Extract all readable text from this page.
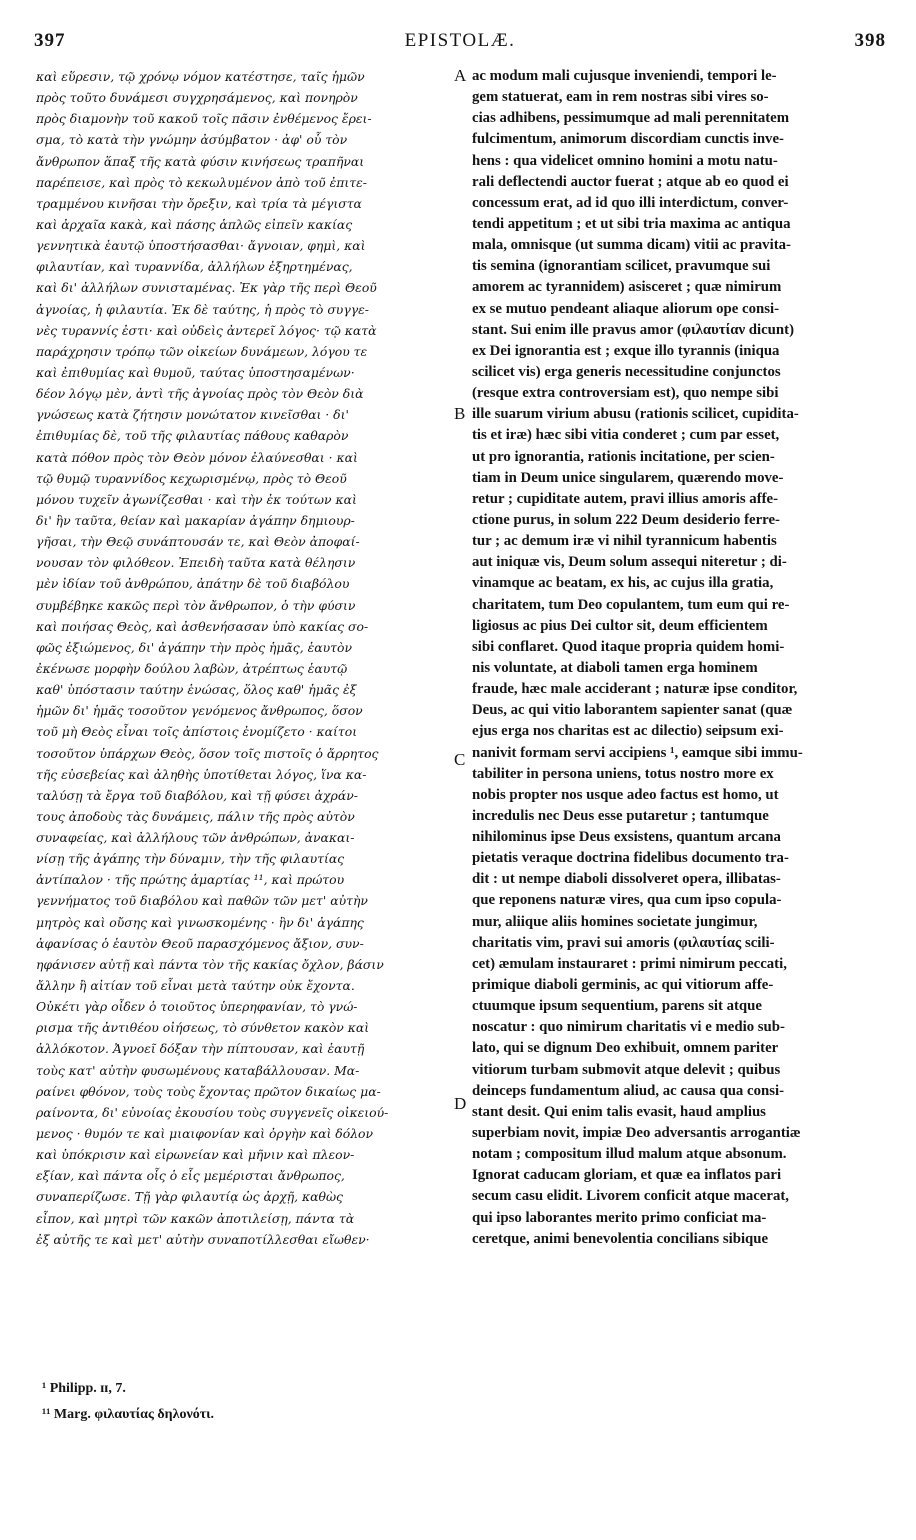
397	EPISTOLÆ.	398
καὶ εὕρεσιν, τῷ χρόνῳ νόμον κατέστησε, ταῖς ἡμῶν
πρὸς τοῦτο δυνάμεσι συγχρησάμενος, καὶ πονηρὸν
πρὸς διαμονὴν τοῦ κακοῦ τοῖς πᾶσιν ἐνθέμενος ἔρει-
σμα, τὸ κατὰ τὴν γνώμην ἀσύμβατον · ἀφ' οὗ τὸν
ἄνθρωπον ἅπαξ τῆς κατὰ φύσιν κινήσεως τραπῆναι
παρέπεισε, καὶ πρὸς τὸ κεκωλυμένον ἀπὸ τοῦ ἐπιτε-
τραμμένου κινῆσαι τὴν ὄρεξιν, καὶ τρία τὰ μέγιστα
καὶ ἀρχαῖα κακὰ, καὶ πάσης ἁπλῶς εἰπεῖν κακίας
γεννητικὰ ἑαυτῷ ὑποστήσασθαι· ἄγνοιαν, φημὶ, καὶ
φιλαυτίαν, καὶ τυραννίδα, ἀλλήλων ἐξηρτημένας,
καὶ δι' ἀλλήλων συνισταμένας. Ἐκ γὰρ τῆς περὶ Θεοῦ
ἀγνοίας, ἡ φιλαυτία. Ἐκ δὲ ταύτης, ἡ πρὸς τὸ συγγε-
νὲς τυραννίς ἐστι· καὶ οὐδεὶς ἀντερεῖ λόγος· τῷ κατὰ
παράχρησιν τρόπῳ τῶν οἰκείων δυνάμεων, λόγου τε
καὶ ἐπιθυμίας καὶ θυμοῦ, ταύτας ὑποστησαμένων·
δέον λόγῳ μὲν, ἀντὶ τῆς ἀγνοίας πρὸς τὸν Θεὸν διὰ
γνώσεως κατὰ ζήτησιν μονώτατον κινεῖσθαι · δι'
ἐπιθυμίας δὲ, τοῦ τῆς φιλαυτίας πάθους καθαρὸν
κατὰ πόθον πρὸς τὸν Θεὸν μόνον ἐλαύνεσθαι · καὶ
τῷ θυμῷ τυραννίδος κεχωρισμένῳ, πρὸς τὸ Θεοῦ
μόνου τυχεῖν ἀγωνίζεσθαι · καὶ τὴν ἐκ τούτων καὶ
δι' ἣν ταῦτα, θείαν καὶ μακαρίαν ἀγάπην δημιουρ-
γῆσαι, τὴν Θεῷ συνάπτουσάν τε, καὶ Θεὸν ἀποφαί-
νουσαν τὸν φιλόθεον. Ἐπειδὴ ταῦτα κατὰ θέλησιν
μὲν ἰδίαν τοῦ ἀνθρώπου, ἀπάτην δὲ τοῦ διαβόλου
συμβέβηκε κακῶς περὶ τὸν ἄνθρωπον, ὁ τὴν φύσιν
καὶ ποιήσας Θεὸς, καὶ ἀσθενήσασαν ὑπὸ κακίας σο-
φῶς ἐξιώμενος, δι' ἀγάπην τὴν πρὸς ἡμᾶς, ἑαυτὸν
ἐκένωσε μορφὴν δούλου λαβὼν, ἀτρέπτως ἑαυτῷ
καθ' ὑπόστασιν ταύτην ἑνώσας, ὅλος καθ' ἡμᾶς ἐξ
ἡμῶν δι' ἡμᾶς τοσοῦτον γενόμενος ἄνθρωπος, ὅσον
τοῦ μὴ Θεὸς εἶναι τοῖς ἀπίστοις ἐνομίζετο · καίτοι
τοσοῦτον ὑπάρχων Θεὸς, ὅσον τοῖς πιστοῖς ὁ ἄρρητος
τῆς εὐσεβείας καὶ ἀληθὴς ὑποτίθεται λόγος, ἵνα κα-
ταλύσῃ τὰ ἔργα τοῦ διαβόλου, καὶ τῇ φύσει ἀχράν-
τους ἀποδοὺς τὰς δυνάμεις, πάλιν τῆς πρὸς αὐτὸν
συναφείας, καὶ ἀλλήλους τῶν ἀνθρώπων, ἀνακαι-
νίσῃ τῆς ἀγάπης τὴν δύναμιν, τὴν τῆς φιλαυτίας
ἀντίπαλον · τῆς πρώτης ἁμαρτίας ¹¹, καὶ πρώτου
γεννήματος τοῦ διαβόλου καὶ παθῶν τῶν μετ' αὐτὴν
μητρὸς καὶ οὔσης καὶ γινωσκομένης · ἣν δι' ἀγάπης
ἀφανίσας ὁ ἑαυτὸν Θεοῦ παρασχόμενος ἄξιον, συν-
ηφάνισεν αὐτῇ καὶ πάντα τὸν τῆς κακίας ὄχλον, βάσιν
ἄλλην ἢ αἰτίαν τοῦ εἶναι μετὰ ταύτην οὐκ ἔχοντα.
Οὐκέτι γὰρ οἶδεν ὁ τοιοῦτος ὑπερηφανίαν, τὸ γνώ-
ρισμα τῆς ἀντιθέου οἰήσεως, τὸ σύνθετον κακὸν καὶ
ἀλλόκοτον. Ἀγνοεῖ δόξαν τὴν πίπτουσαν, καὶ ἑαυτῇ
τοὺς κατ' αὐτὴν φυσωμένους καταβάλλουσαν. Μα-
ραίνει φθόνον, τοὺς τοὺς ἔχοντας πρῶτον δικαίως μα-
ραίνοντα, δι' εὐνοίας ἐκουσίου τοὺς συγγενεῖς οἰκειού-
μενος · θυμόν τε καὶ μιαιφονίαν καὶ ὀργὴν καὶ δόλον
καὶ ὑπόκρισιν καὶ εἰρωνείαν καὶ μῆνιν καὶ πλεον-
εξίαν, καὶ πάντα οἷς ὁ εἷς μεμέρισται ἄνθρωπος,
συναπερίζωσε. Τῇ γὰρ φιλαυτίᾳ ὡς ἀρχῇ, καθὼς
εἶπον, καὶ μητρὶ τῶν κακῶν ἀποτιλείσῃ, πάντα τὰ
ἐξ αὐτῆς τε καὶ μετ' αὐτὴν συναποτίλλεσθαι εἴωθεν·
ac modum mali cujusque inveniendi, tempori le-
gem statuerat, eam in rem nostras sibi vires so-
cias adhibens, pessimumque ad mali perennitatem
fulcimentum, animorum discordiam cunctis inve-
hens : qua videlicet omnino homini a motu natu-
rali deflectendi auctor fuerat ; atque ab eo quod ei
concessum erat, ad id quo illi interdictum, conver-
tendi appetitum ; et ut sibi tria maxima ac antiqua
mala, omnisque (ut summa dicam) vitii ac pravita-
tis semina (ignorantiam scilicet, pravumque sui
amorem ac tyrannidem) asisceret ; quæ nimirum
ex se mutuo pendeant aliaque aliorum ope consi-
stant. Sui enim ille pravus amor (φιλαυτίαν dicunt)
ex Dei ignorantia est ; exque illo tyrannis (iniqua
scilicet vis) erga generis necessitudine conjunctos
(resque extra controversiam est), quo nempe sibi
ille suarum virium abusu (rationis scilicet, cupidita-
tis et iræ) hæc sibi vitia conderet ; cum par esset,
ut pro ignorantia, rationis incitatione, per scien-
tiam in Deum unice singularem, quærendo move-
retur ; cupiditate autem, pravi illius amoris affe-
ctione purus, in solum 222 Deum desiderio ferre-
tur ; ac demum iræ vi nihil tyrannicum habentis
aut iniquæ vis, Deum solum assequi niteretur ; di-
vinamque ac beatam, ex his, ac cujus illa gratia,
charitatem, tum Deo copulantem, tum eum qui re-
ligiosus ac pius Dei cultor sit, deum efficientem
sibi conflaret. Quod itaque propria quidem homi-
nis voluntate, at diaboli tamen erga hominem
fraude, hæc male acciderant ; naturæ ipse conditor,
Deus, ac qui vitio laborantem sapienter sanat (quæ
ejus erga nos charitas est ac dilectio) seipsum exi-
nanivit formam servi accipiens ¹, eamque sibi immu-
tabiliter in persona uniens, totus nostro more ex
nobis propter nos usque adeo factus est homo, ut
incredulis nec Deus esse putaretur ; tantumque
nihilominus ipse Deus exsistens, quantum arcana
pietatis veraque doctrina fidelibus documento tra-
dit : ut nempe diaboli dissolveret opera, illibatas-
que reponens naturæ vires, qua cum ipso copula-
mur, aliique aliis homines societate jungimur,
charitatis vim, pravi sui amoris (φιλαυτίας scili-
cet) æmulam instauraret : primi nimirum peccati,
primique diaboli germinis, ac qui vitiorum affe-
ctuumque ipsum sequentium, parens sit atque
noscatur : quo nimirum charitatis vi e medio sub-
lato, qui se dignum Deo exhibuit, omnem pariter
vitiorum turbam submovit atque delevit ; quibus
deinceps fundamentum aliud, ac causa qua consi-
stant desit. Qui enim talis evasit, haud amplius
superbiam novit, impiæ Deo adversantis arrogantiæ
notam ; compositum illud malum atque absonum.
Ignorat caducam gloriam, et quæ ea inflatos pari
secum casu elidit. Livorem conficit atque macerat,
qui ipso laborantes merito primo conficiat ma-
ceretque, animi benevolentia concilians sibique
A
B
C
D
¹ Philipp. ɪɪ, 7.
¹¹ Marg. φιλαυτίας δηλονότι.
